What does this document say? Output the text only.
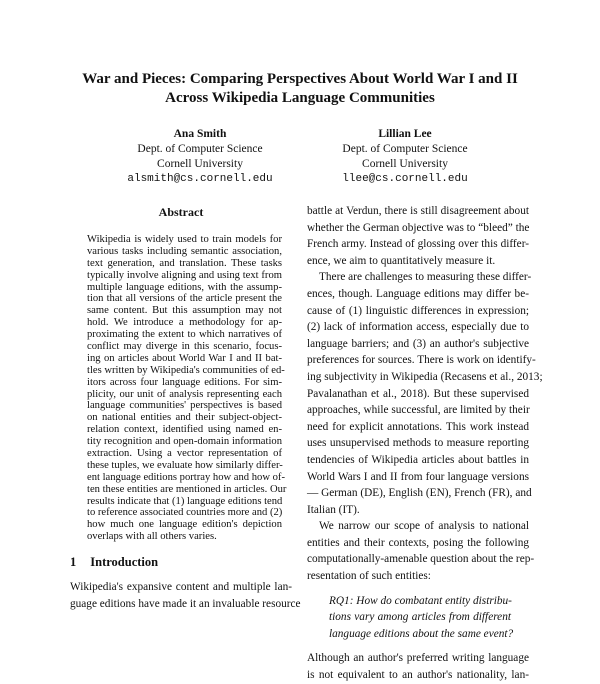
War and Pieces: Comparing Perspectives About World War I and II
Across Wikipedia Language Communities
Ana Smith
Dept. of Computer Science
Cornell University
alsmith@cs.cornell.edu
Lillian Lee
Dept. of Computer Science
Cornell University
llee@cs.cornell.edu
Abstract
Wikipedia is widely used to train models for
various tasks including semantic association,
text generation, and translation. These tasks
typically involve aligning and using text from
multiple language editions, with the assump-
tion that all versions of the article present the
same content. But this assumption may not
hold. We introduce a methodology for ap-
proximating the extent to which narratives of
conflict may diverge in this scenario, focus-
ing on articles about World War I and II bat-
tles written by Wikipedia's communities of ed-
itors across four language editions. For sim-
plicity, our unit of analysis representing each
language communities' perspectives is based
on national entities and their subject-object-
relation context, identified using named en-
tity recognition and open-domain information
extraction. Using a vector representation of
these tuples, we evaluate how similarly differ-
ent language editions portray how and how of-
ten these entities are mentioned in articles. Our
results indicate that (1) language editions tend
to reference associated countries more and (2)
how much one language edition's depiction
overlaps with all others varies.
1 Introduction
Wikipedia's expansive content and multiple lan-
guage editions have made it an invaluable resource
battle at Verdun, there is still disagreement about
whether the German objective was to “bleed” the
French army. Instead of glossing over this differ-
ence, we aim to quantitatively measure it.
There are challenges to measuring these differ-
ences, though. Language editions may differ be-
cause of (1) linguistic differences in expression;
(2) lack of information access, especially due to
language barriers; and (3) an author's subjective
preferences for sources. There is work on identify-
ing subjectivity in Wikipedia (Recasens et al., 2013;
Pavalanathan et al., 2018). But these supervised
approaches, while successful, are limited by their
need for explicit annotations. This work instead
uses unsupervised methods to measure reporting
tendencies of Wikipedia articles about battles in
World Wars I and II from four language versions
— German (DE), English (EN), French (FR), and
Italian (IT).
We narrow our scope of analysis to national
entities and their contexts, posing the following
computationally-amenable question about the rep-
resentation of such entities:
RQ1: How do combatant entity distribu-
tions vary among articles from different
language editions about the same event?
Although an author's preferred writing language
is not equivalent to an author's nationality, lan-
